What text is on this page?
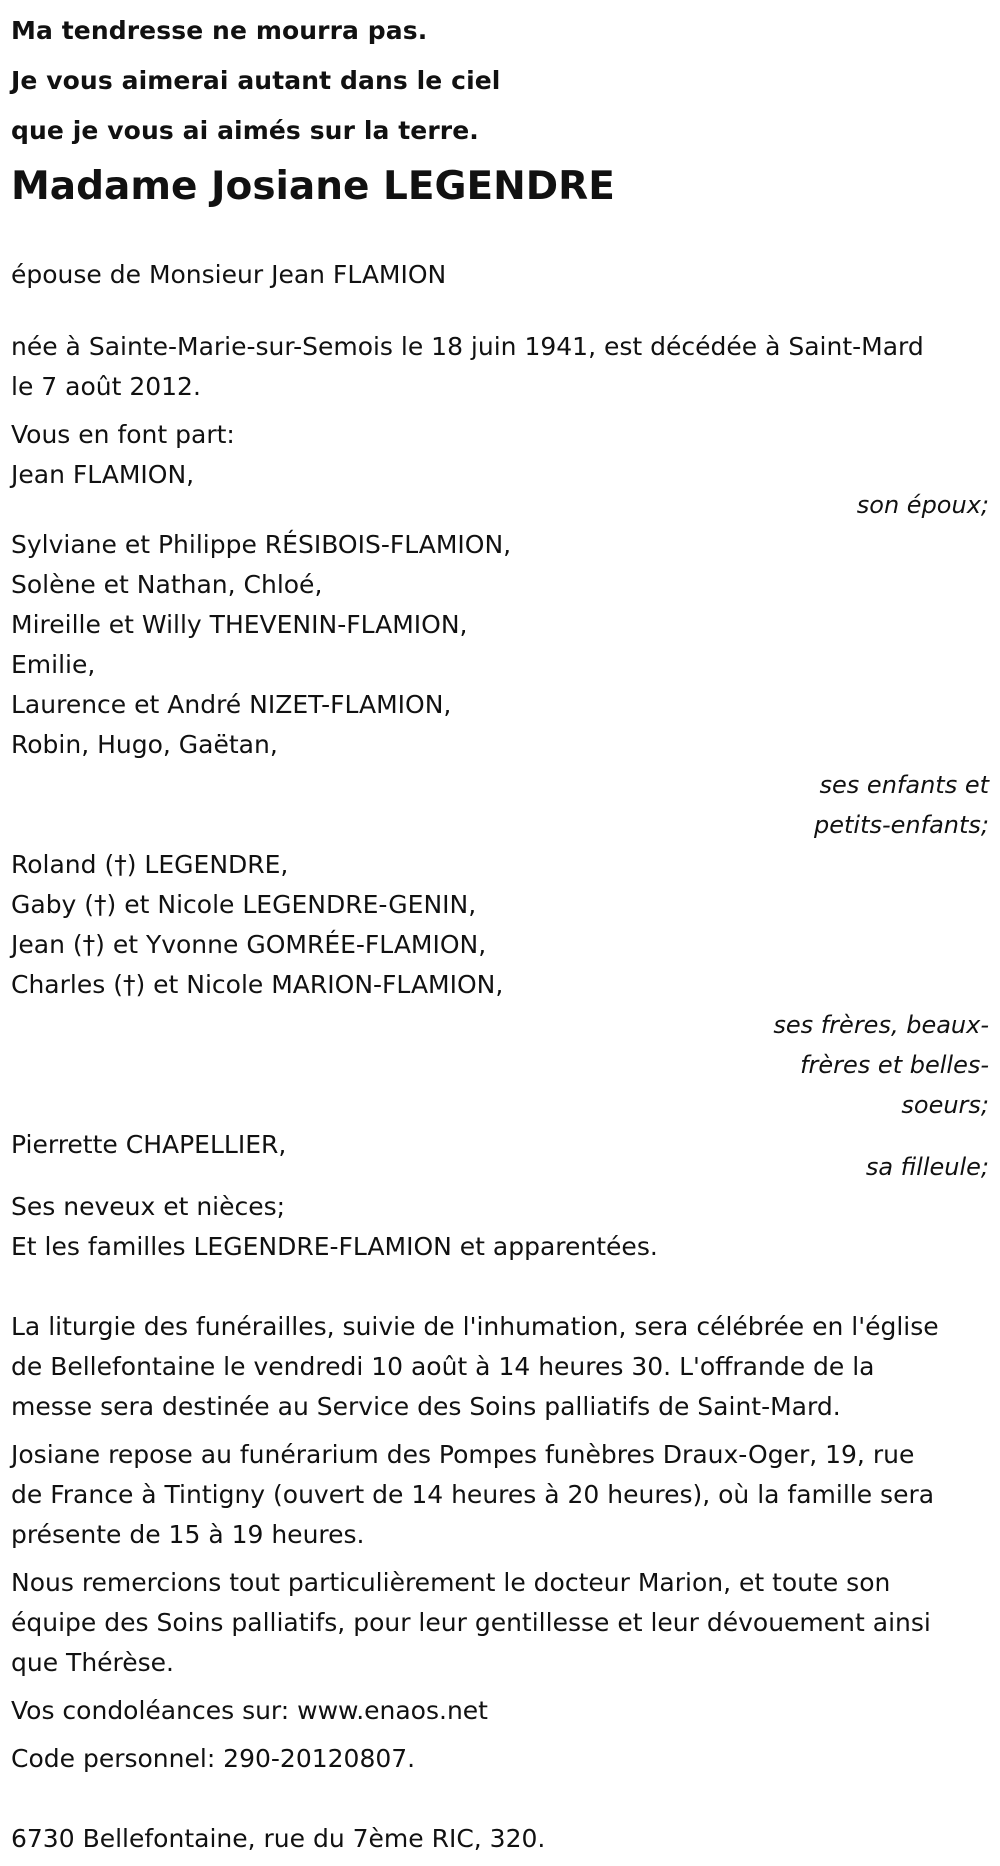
Ma tendresse ne mourra pas.
Je vous aimerai autant dans le ciel
que je vous ai aimés sur la terre.
Madame Josiane LEGENDRE

épouse de Monsieur Jean FLAMION

née à Sainte-Marie-sur-Semois le 18 juin 1941, est décédée à Saint-Mard

le 7 août 2012.

Vous en font part:

Jean FLAMION,

son époux;

Sylviane et Philippe RÉSIBOIS-FLAMION,

Solène et Nathan, Chloé,

Mireille et Willy THEVENIN-FLAMION,

Emilie,

Laurence et André NIZET-FLAMION,

Robin, Hugo, Gaëtan,

ses enfants et
petits-enfants;

Roland (†) LEGENDRE,

Gaby (†) et Nicole LEGENDRE-GENIN,

Jean (†) et Yvonne GOMRÉE-FLAMION,

Charles (†) et Nicole MARION-FLAMION,

ses frères, beaux-
frères et belles-
soeurs;

Pierrette CHAPELLIER,

sa filleule;

Ses neveux et nièces;

Et les familles LEGENDRE-FLAMION et apparentées.

La liturgie des funérailles, suivie de l'inhumation, sera célébrée en l'église

de Bellefontaine le vendredi 10 août à 14 heures 30. L'offrande de la

messe sera destinée au Service des Soins palliatifs de Saint-Mard.

Josiane repose au funérarium des Pompes funèbres Draux-Oger, 19, rue

de France à Tintigny (ouvert de 14 heures à 20 heures), où la famille sera

présente de 15 à 19 heures.

Nous remercions tout particulièrement le docteur Marion, et toute son

équipe des Soins palliatifs, pour leur gentillesse et leur dévouement ainsi

que Thérèse.

Vos condoléances sur: www.enaos.net

Code personnel: 290-20120807.

6730 Bellefontaine, rue du 7ème RIC, 320.
